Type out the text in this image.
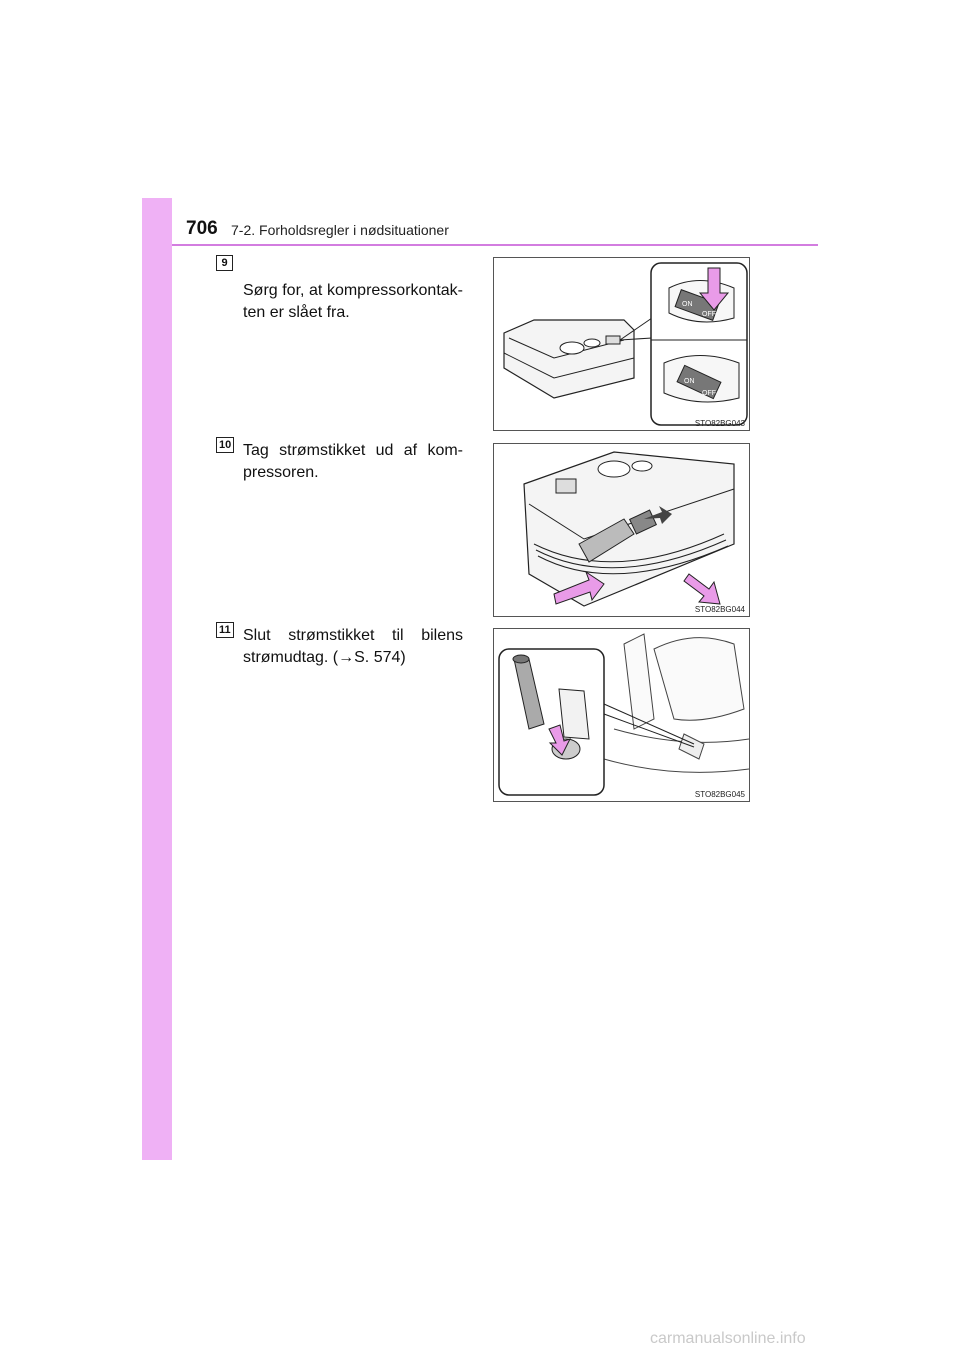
706 7-2. Forholdsregler i nødsituationer
9
Sørg for, at kompressorkontak-ten er slået fra.	ON
OFF
ON
OFF
STO82BG043
10 Tag strømstikket ud af kom-pressoren.
STO82BG044
11 Slut strømstikket til bilens strømudtag. (→S. 574)
STO82BG045
carmanualsonline.info
